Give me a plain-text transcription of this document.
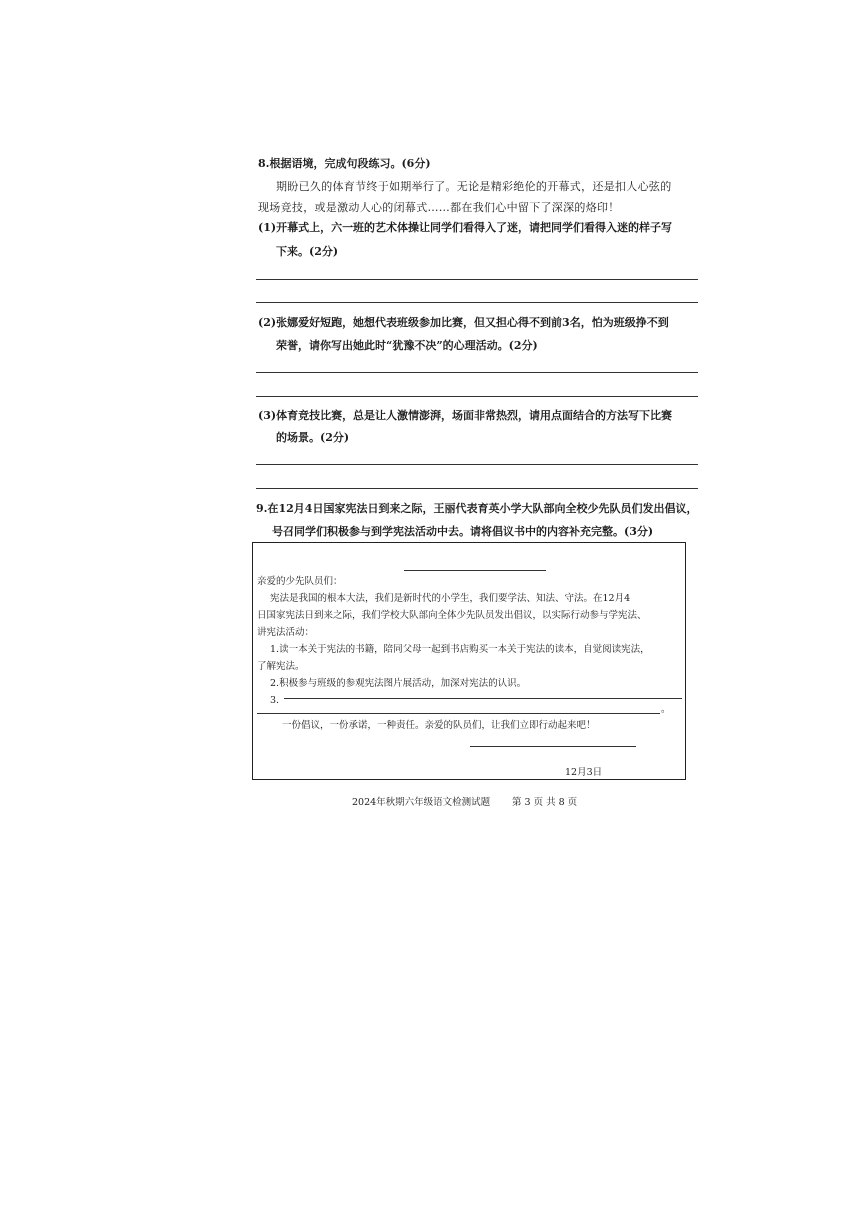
8.根据语境，完成句段练习。(6分)
期盼已久的体育节终于如期举行了。无论是精彩绝伦的开幕式，还是扣人心弦的
现场竞技，或是激动人心的闭幕式……都在我们心中留下了深深的烙印！
(1)开幕式上，六一班的艺术体操让同学们看得入了迷，请把同学们看得入迷的样子写
下来。(2分)
(2)张娜爱好短跑，她想代表班级参加比赛，但又担心得不到前3名，怕为班级挣不到
荣誉，请你写出她此时“犹豫不决”的心理活动。(2分)
(3)体育竞技比赛，总是让人激情澎湃，场面非常热烈，请用点面结合的方法写下比赛
的场景。(2分)
9.在12月4日国家宪法日到来之际，王丽代表育英小学大队部向全校少先队员们发出倡议，
号召同学们积极参与到学宪法活动中去。请将倡议书中的内容补充完整。(3分)
亲爱的少先队员们：
宪法是我国的根本大法，我们是新时代的小学生，我们要学法、知法、守法。在12月4
日国家宪法日到来之际，我们学校大队部向全体少先队员发出倡议，以实际行动参与学宪法、
讲宪法活动：
1.读一本关于宪法的书籍，陪同父母一起到书店购买一本关于宪法的读本，自觉阅读宪法，
了解宪法。
2.积极参与班级的参观宪法图片展活动，加深对宪法的认识。
3.
。
一份倡议，一份承诺，一种责任。亲爱的队员们，让我们立即行动起来吧！
12月3日
2024年秋期六年级语文检测试题 第 3 页 共 8 页
